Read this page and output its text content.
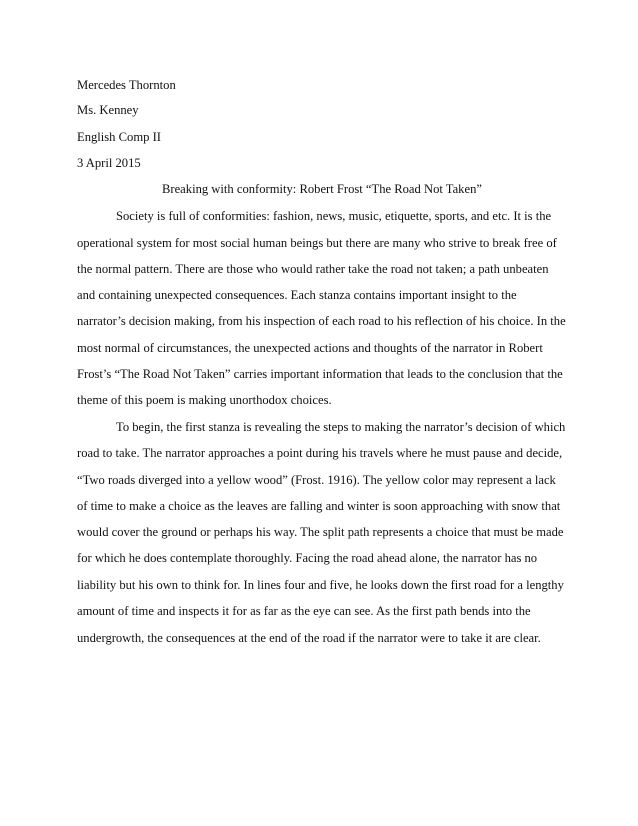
Mercedes Thornton
Ms. Kenney
English Comp II
3 April 2015
Breaking with conformity: Robert Frost “The Road Not Taken”
Society is full of conformities: fashion, news, music, etiquette, sports, and etc. It is the
operational system for most social human beings but there are many who strive to break free of
the normal pattern. There are those who would rather take the road not taken; a path unbeaten
and containing unexpected consequences. Each stanza contains important insight to the
narrator’s decision making, from his inspection of each road to his reflection of his choice. In the
most normal of circumstances, the unexpected actions and thoughts of the narrator in Robert
Frost’s “The Road Not Taken” carries important information that leads to the conclusion that the
theme of this poem is making unorthodox choices.
To begin, the first stanza is revealing the steps to making the narrator’s decision of which
road to take. The narrator approaches a point during his travels where he must pause and decide,
“Two roads diverged into a yellow wood” (Frost. 1916). The yellow color may represent a lack
of time to make a choice as the leaves are falling and winter is soon approaching with snow that
would cover the ground or perhaps his way. The split path represents a choice that must be made
for which he does contemplate thoroughly. Facing the road ahead alone, the narrator has no
liability but his own to think for. In lines four and five, he looks down the first road for a lengthy
amount of time and inspects it for as far as the eye can see. As the first path bends into the
undergrowth, the consequences at the end of the road if the narrator were to take it are clear.
